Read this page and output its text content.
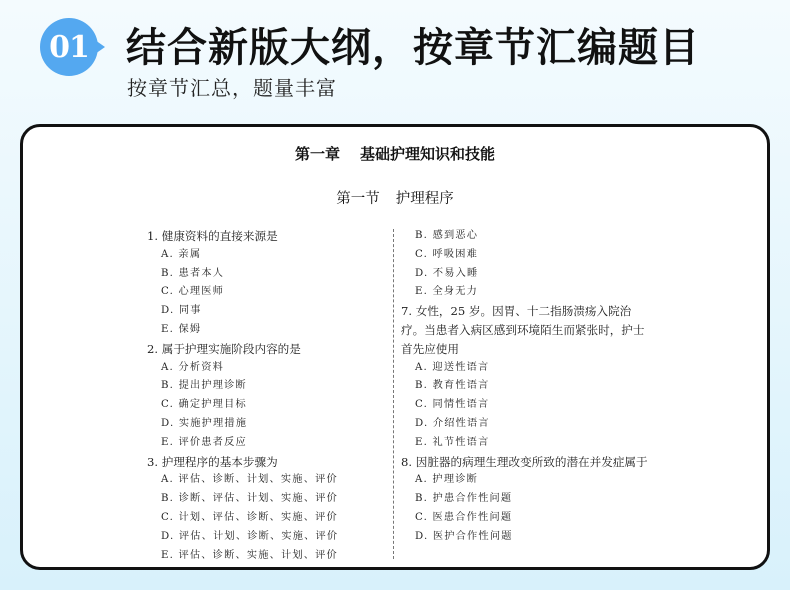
01 结合新版大纲，按章节汇编题目
按章节汇总，题量丰富
第一章 基础护理知识和技能
第一节 护理程序

1. 健康资料的直接来源是

A. 亲属

B. 患者本人

C. 心理医师

D. 同事

E. 保姆

2. 属于护理实施阶段内容的是

A. 分析资料

B. 提出护理诊断

C. 确定护理目标

D. 实施护理措施

E. 评价患者反应

3. 护理程序的基本步骤为

A. 评估、诊断、计划、实施、评价

B. 诊断、评估、计划、实施、评价

C. 计划、评估、诊断、实施、评价

D. 评估、计划、诊断、实施、评价

E. 评估、诊断、实施、计划、评价

B. 感到恶心

C. 呼吸困难

D. 不易入睡

E. 全身无力

7. 女性，25 岁。因胃、十二指肠溃疡入院治疗。当患者入病区感到环境陌生而紧张时，护士首先应使用

A. 迎送性语言

B. 教育性语言

C. 同情性语言

D. 介绍性语言

E. 礼节性语言

8. 因脏器的病理生理改变所致的潜在并发症属于

A. 护理诊断

B. 护患合作性问题

C. 医患合作性问题

D. 医护合作性问题
